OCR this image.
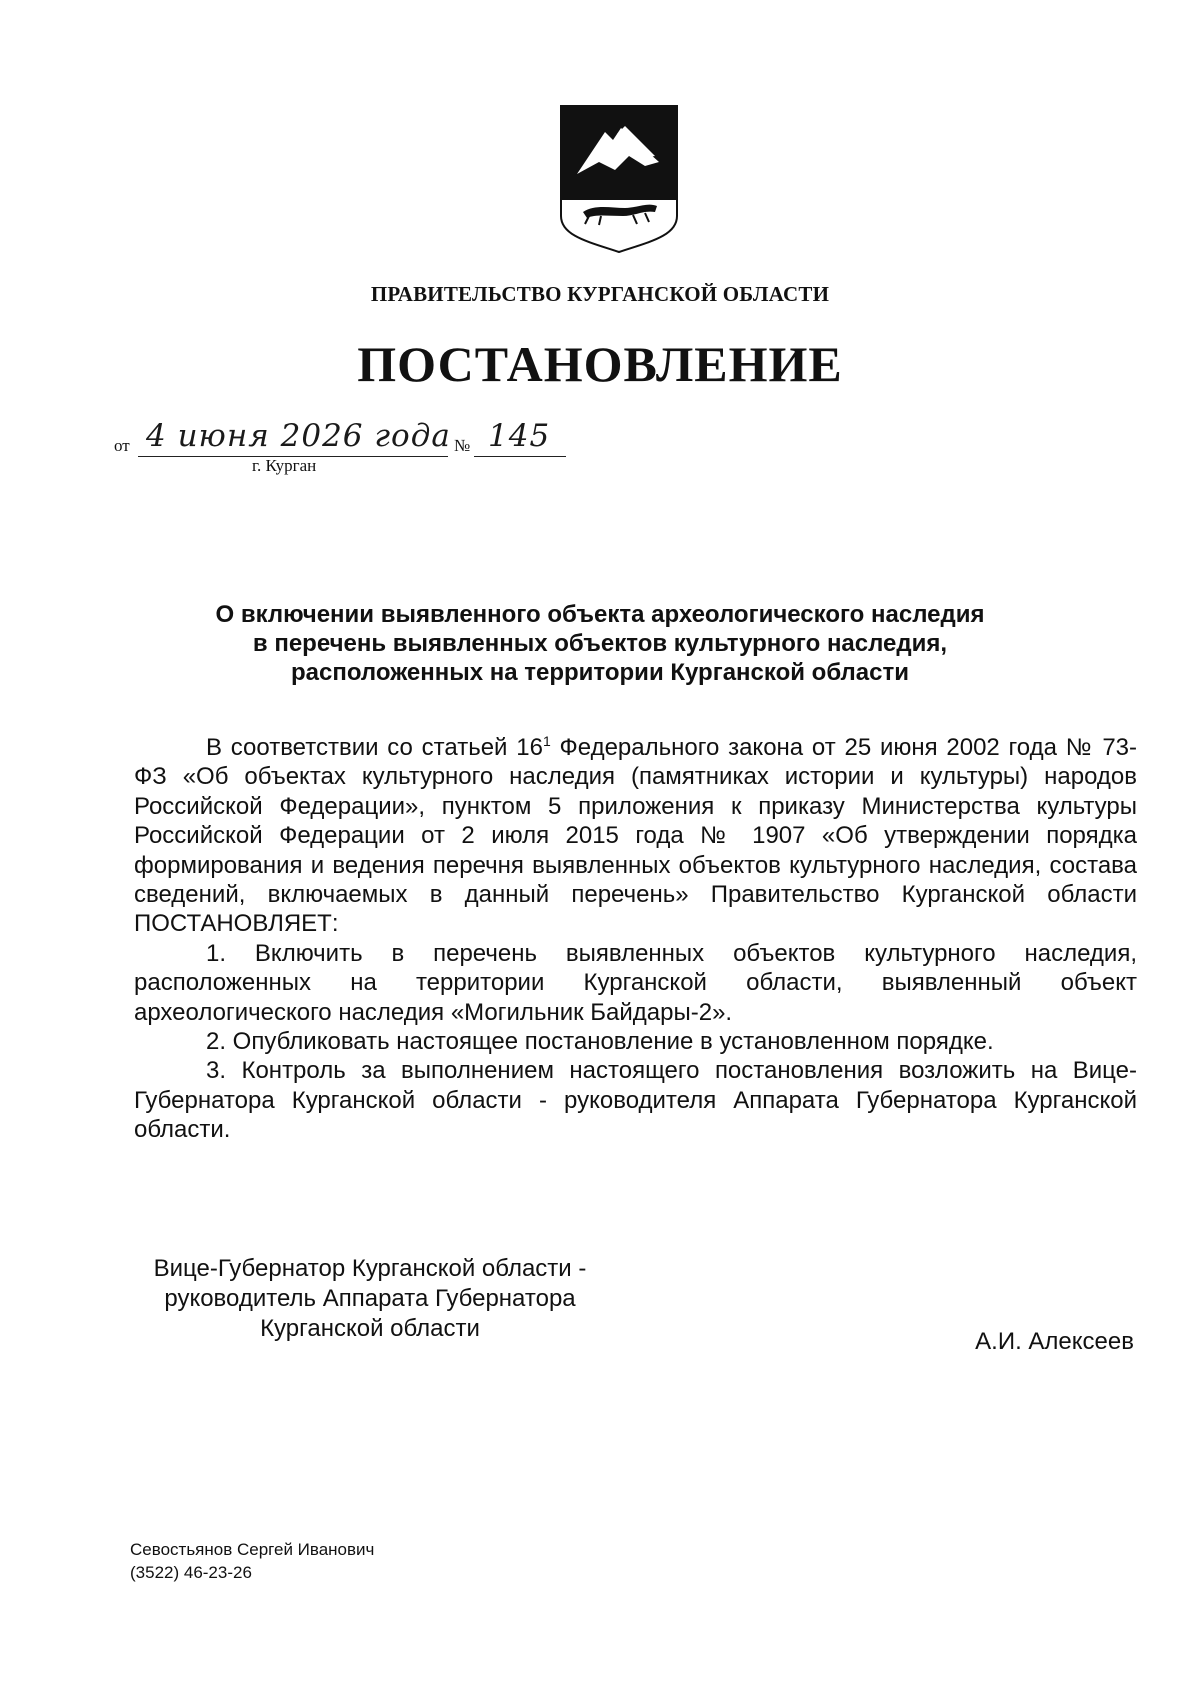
ПРАВИТЕЛЬСТВО КУРГАНСКОЙ ОБЛАСТИ
ПОСТАНОВЛЕНИЕ
от 4 июня 2026 года № 145
г. Курган
О включении выявленного объекта археологического наследия
в перечень выявленных объектов культурного наследия,
расположенных на территории Курганской области

В соответствии со статьей $16^1$ Федерального закона от 25 июня 2002 года № 73-ФЗ «Об объектах культурного наследия (памятниках истории и культуры) народов Российской Федерации», пунктом 5 приложения к приказу Министерства культуры Российской Федерации от 2 июля 2015 года № 1907 «Об утверждении порядка формирования и ведения перечня выявленных объектов культурного наследия, состава сведений, включаемых в данный перечень» Правительство Курганской области ПОСТАНОВЛЯЕТ:

1. Включить в перечень выявленных объектов культурного наследия, расположенных на территории Курганской области, выявленный объект археологического наследия «Могильник Байдары-2».

2. Опубликовать настоящее постановление в установленном порядке.

3. Контроль за выполнением настоящего постановления возложить на Вице-Губернатора Курганской области - руководителя Аппарата Губернатора Курганской области.

Вице-Губернатор Курганской области -
руководитель Аппарата Губернатора
Курганской области	А.И. Алексеев
Севостьянов Сергей Иванович
(3522) 46-23-26
